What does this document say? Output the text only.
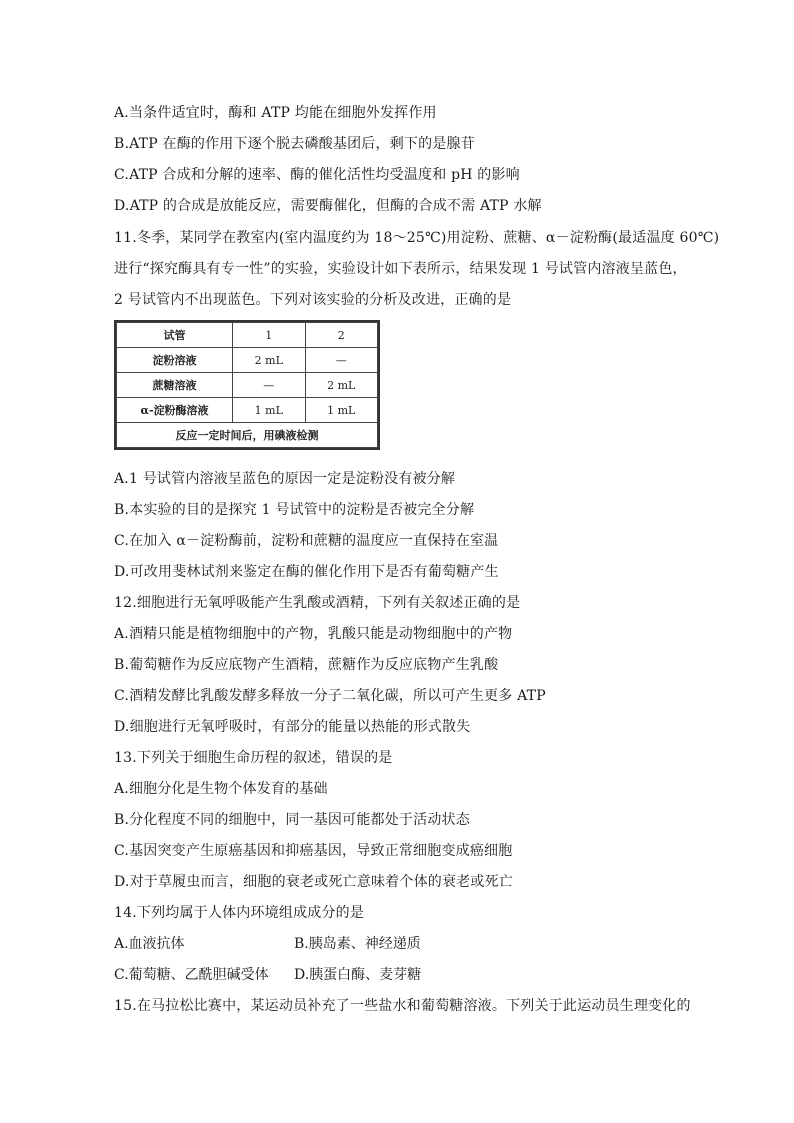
A.当条件适宜时，酶和 ATP 均能在细胞外发挥作用
B.ATP 在酶的作用下逐个脱去磷酸基团后，剩下的是腺苷
C.ATP 合成和分解的速率、酶的催化活性均受温度和 pH 的影响
D.ATP 的合成是放能反应，需要酶催化，但酶的合成不需 ATP 水解
11.冬季，某同学在教室内(室内温度约为 18～25℃)用淀粉、蔗糖、α－淀粉酶(最适温度 60℃)
进行“探究酶具有专一性”的实验，实验设计如下表所示，结果发现 1 号试管内溶液呈蓝色，
2 号试管内不出现蓝色。下列对该实验的分析及改进，正确的是
试管	1	2
淀粉溶液	2 mL	—
蔗糖溶液	—	2 mL
α-淀粉酶溶液	1 mL	1 mL
反应一定时间后，用碘液检测		
A.1 号试管内溶液呈蓝色的原因一定是淀粉没有被分解
B.本实验的目的是探究 1 号试管中的淀粉是否被完全分解
C.在加入 α－淀粉酶前，淀粉和蔗糖的温度应一直保持在室温
D.可改用斐林试剂来鉴定在酶的催化作用下是否有葡萄糖产生
12.细胞进行无氧呼吸能产生乳酸或酒精，下列有关叙述正确的是
A.酒精只能是植物细胞中的产物，乳酸只能是动物细胞中的产物
B.葡萄糖作为反应底物产生酒精，蔗糖作为反应底物产生乳酸
C.酒精发酵比乳酸发酵多释放一分子二氧化碳，所以可产生更多 ATP
D.细胞进行无氧呼吸时，有部分的能量以热能的形式散失
13.下列关于细胞生命历程的叙述，错误的是
A.细胞分化是生物个体发育的基础
B.分化程度不同的细胞中，同一基因可能都处于活动状态
C.基因突变产生原癌基因和抑癌基因，导致正常细胞变成癌细胞
D.对于草履虫而言，细胞的衰老或死亡意味着个体的衰老或死亡
14.下列均属于人体内环境组成成分的是
A.血液抗体	B.胰岛素、神经递质
C.葡萄糖、乙酰胆碱受体 D.胰蛋白酶、麦芽糖
15.在马拉松比赛中，某运动员补充了一些盐水和葡萄糖溶液。下列关于此运动员生理变化的
